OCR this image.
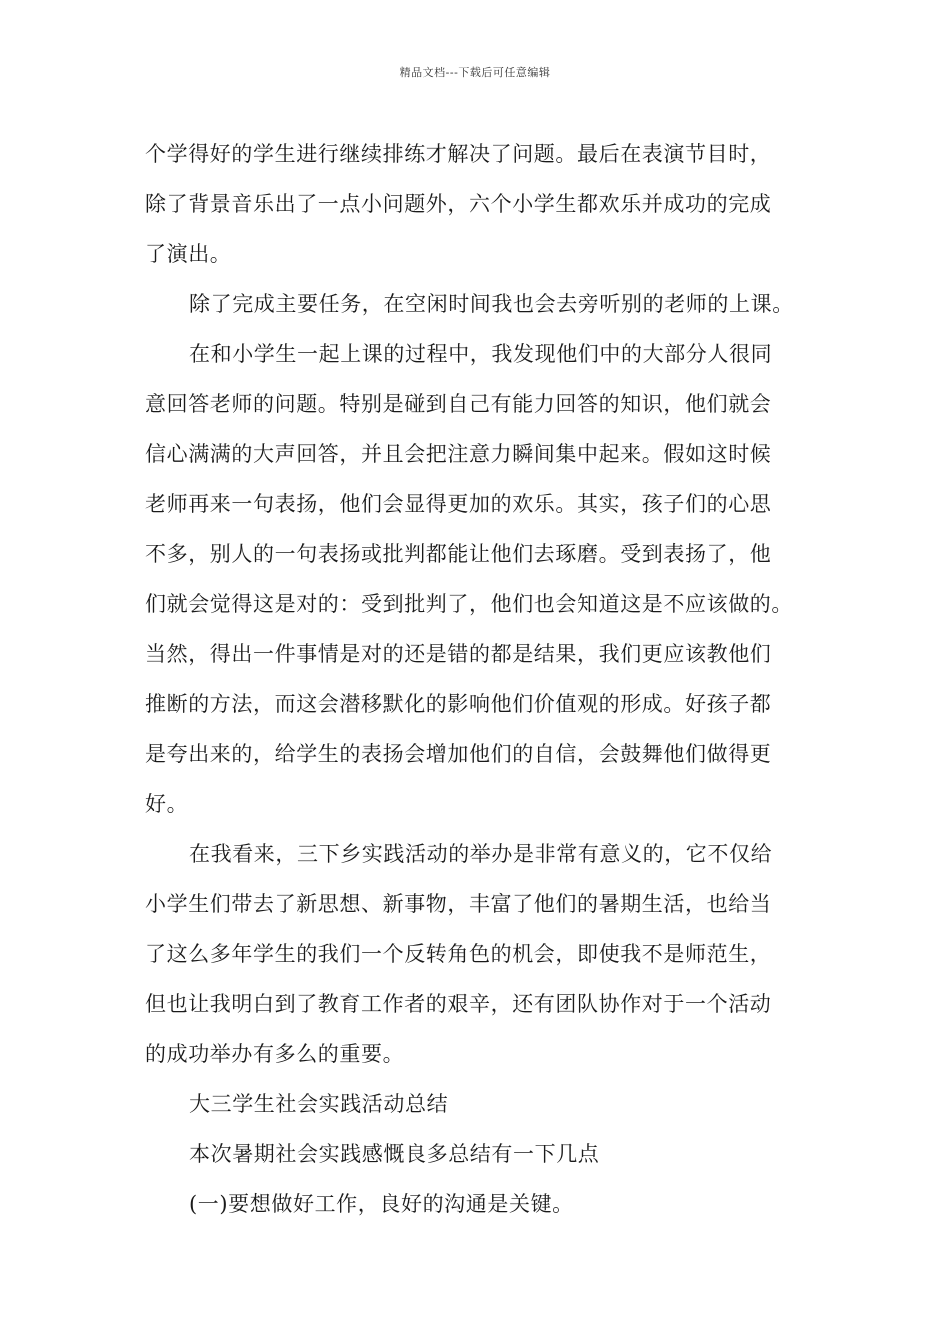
精品文档---下载后可任意编辑
个学得好的学生进行继续排练才解决了问题。最后在表演节目时，
除了背景音乐出了一点小问题外，六个小学生都欢乐并成功的完成
了演出。
除了完成主要任务，在空闲时间我也会去旁听别的老师的上课。
在和小学生一起上课的过程中，我发现他们中的大部分人很同
意回答老师的问题。特别是碰到自己有能力回答的知识，他们就会
信心满满的大声回答，并且会把注意力瞬间集中起来。假如这时候
老师再来一句表扬，他们会显得更加的欢乐。其实，孩子们的心思
不多，别人的一句表扬或批判都能让他们去琢磨。受到表扬了，他
们就会觉得这是对的：受到批判了，他们也会知道这是不应该做的。
当然，得出一件事情是对的还是错的都是结果，我们更应该教他们
推断的方法，而这会潜移默化的影响他们价值观的形成。好孩子都
是夸出来的，给学生的表扬会增加他们的自信，会鼓舞他们做得更
好。
在我看来，三下乡实践活动的举办是非常有意义的，它不仅给
小学生们带去了新思想、新事物，丰富了他们的暑期生活，也给当
了这么多年学生的我们一个反转角色的机会，即使我不是师范生，
但也让我明白到了教育工作者的艰辛，还有团队协作对于一个活动
的成功举办有多么的重要。
大三学生社会实践活动总结
本次暑期社会实践感慨良多总结有一下几点
(一)要想做好工作，良好的沟通是关键。
